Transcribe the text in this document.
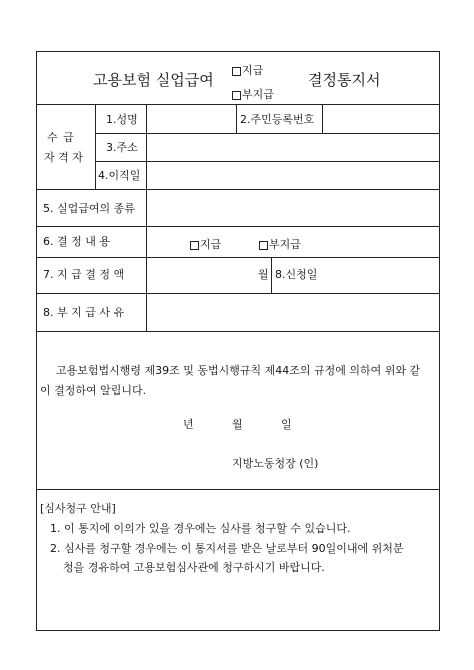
고용보험 실업급여
지급
부지급
결정통지서
수 급
자 격 자
1.성명	2.주민등록번호
3.주소
4.이직일
5. 실업급여의 종류
6. 결 정 내 용	지급	부지급
7. 지 급 결 정 액	월 8.신청일
8. 부 지 급 사 유
고용보험법시행령 제39조 및 동법시행규칙 제44조의 규정에 의하여 위와 같
이 결정하여 알립니다.
년	월	일
지방노동청장 (인)
[심사청구 안내]
1. 이 통지에 이의가 있을 경우에는 심사를 청구할 수 있습니다.
2. 심사를 청구할 경우에는 이 통지서를 받은 날로부터 90일이내에 위처분
청을 경유하여 고용보험심사관에 청구하시기 바랍니다.
